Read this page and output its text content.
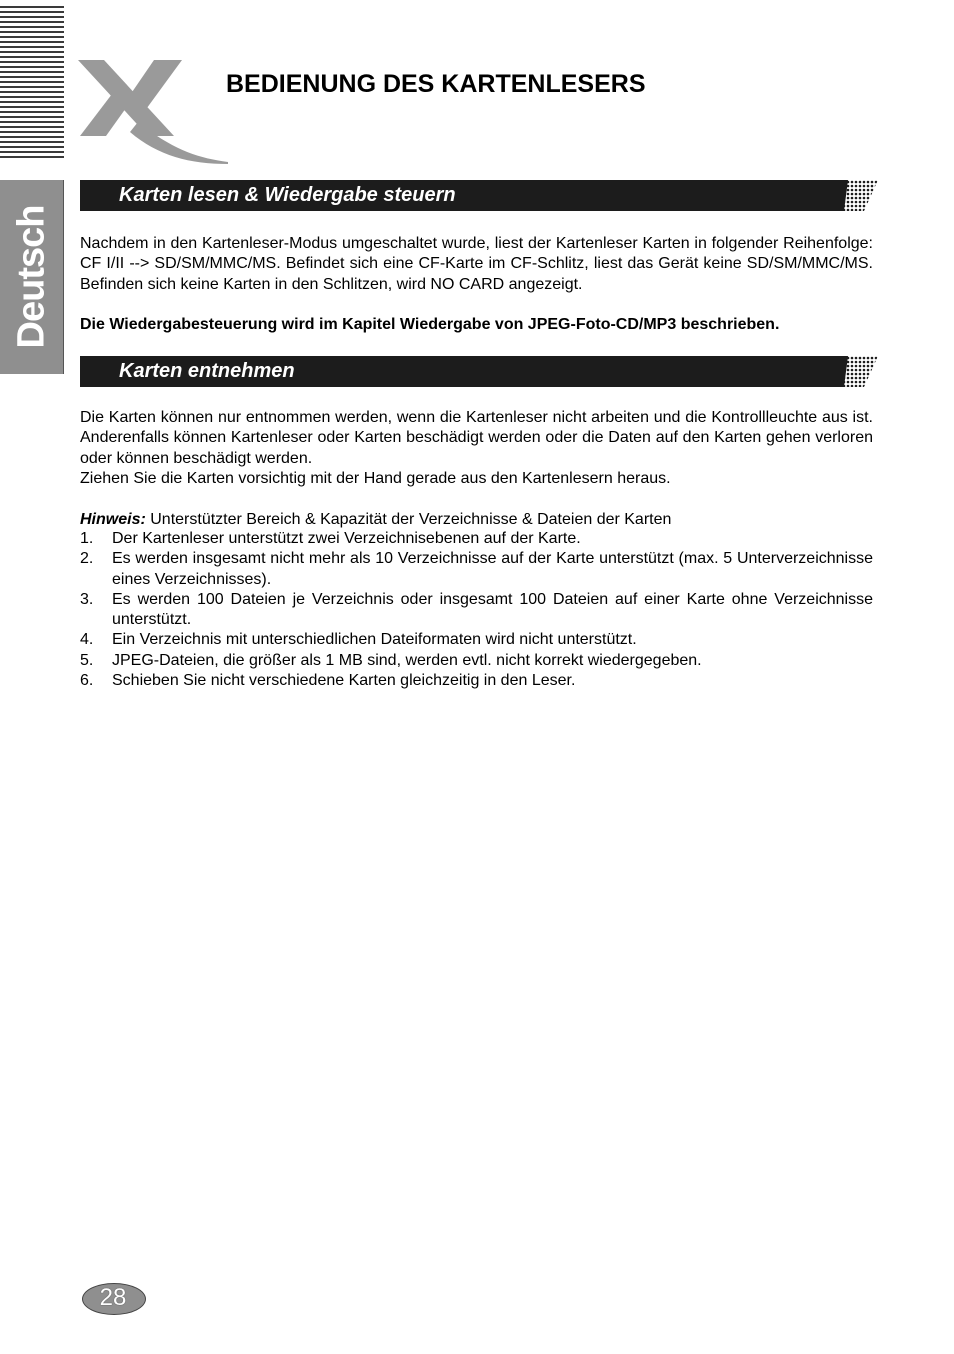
Deutsch
BEDIENUNG DES KARTENLESERS
Karten lesen & Wiedergabe steuern

Nachdem in den Kartenleser-Modus umgeschaltet wurde, liest der Kartenleser Karten in folgender Reihenfolge: CF I/II --> SD/SM/MMC/MS. Befindet sich eine CF-Karte im CF-Schlitz, liest das Gerät keine SD/SM/MMC/MS. Befinden sich keine Karten in den Schlitzen, wird NO CARD angezeigt.

Die Wiedergabesteuerung wird im Kapitel Wiedergabe von JPEG-Foto-CD/MP3 beschrieben.

Karten entnehmen

Die Karten können nur entnommen werden, wenn die Kartenleser nicht arbeiten und die Kontrollleuchte aus ist. Anderenfalls können Kartenleser oder Karten beschädigt werden oder die Daten auf den Karten gehen verloren oder können beschädigt werden.

Ziehen Sie die Karten vorsichtig mit der Hand gerade aus den Kartenlesern heraus.

Hinweis: Unterstützter Bereich & Kapazität der Verzeichnisse & Dateien der Karten

1. Der Kartenleser unterstützt zwei Verzeichnisebenen auf der Karte.
2. Es werden insgesamt nicht mehr als 10 Verzeichnisse auf der Karte unterstützt (max. 5 Unterverzeichnisse eines Verzeichnisses).
3. Es werden 100 Dateien je Verzeichnis oder insgesamt 100 Dateien auf einer Karte ohne Verzeichnisse unterstützt.
4. Ein Verzeichnis mit unterschiedlichen Dateiformaten wird nicht unterstützt.
5. JPEG-Dateien, die größer als 1 MB sind, werden evtl. nicht korrekt wiedergegeben.
6. Schieben Sie nicht verschiedene Karten gleichzeitig in den Leser.
28
